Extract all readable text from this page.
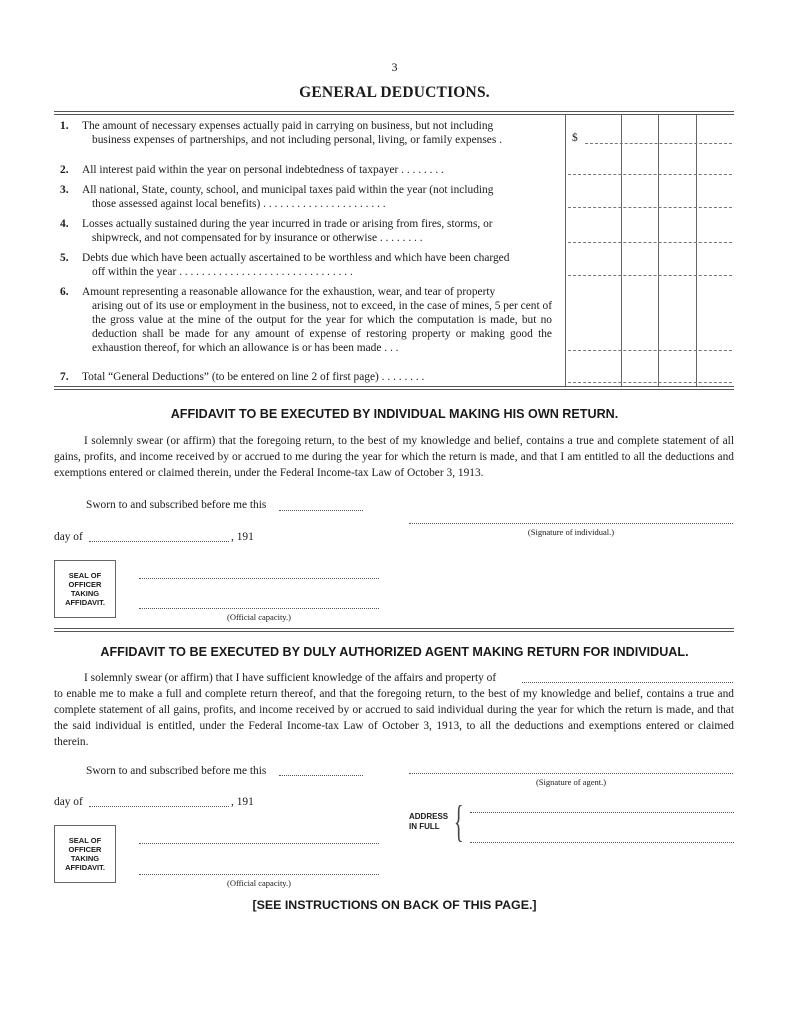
3
GENERAL DEDUCTIONS.
1. The amount of necessary expenses actually paid in carrying on business, but not including
business expenses of partnerships, and not including personal, living, or family expenses .	$
2. All interest paid within the year on personal indebtedness of taxpayer . . . . . . . .
3. All national, State, county, school, and municipal taxes paid within the year (not including
those assessed against local benefits) . . . . . . . . . . . . . . . . . . . . . .
4. Losses actually sustained during the year incurred in trade or arising from fires, storms, or
shipwreck, and not compensated for by insurance or otherwise . . . . . . . .
5. Debts due which have been actually ascertained to be worthless and which have been charged
off within the year . . . . . . . . . . . . . . . . . . . . . . . . . . . . . . .
6. Amount representing a reasonable allowance for the exhaustion, wear, and tear of property
arising out of its use or employment in the business, not to exceed, in the case of mines, 5 per cent of the gross value at the mine of the output for the year for which the computation is made, but no deduction shall be made for any amount of expense of restoring property or making good the exhaustion thereof, for which an allowance is or has been made . . .
7. Total “General Deductions” (to be entered on line 2 of first page) . . . . . . . .
AFFIDAVIT TO BE EXECUTED BY INDIVIDUAL MAKING HIS OWN RETURN.
I solemnly swear (or affirm) that the foregoing return, to the best of my knowledge and belief, contains a true and complete statement of all gains, profits, and income received by or accrued to me during the year for which the return is made, and that I am entitled to all the deductions and exemptions entered or claimed therein, under the Federal Income-tax Law of October 3, 1913.
Sworn to and subscribed before me this
(Signature of individual.)
day of	, 191
SEAL OF
OFFICER
TAKING
AFFIDAVIT.
(Official capacity.)
AFFIDAVIT TO BE EXECUTED BY DULY AUTHORIZED AGENT MAKING RETURN FOR INDIVIDUAL.
I solemnly swear (or affirm) that I have sufficient knowledge of the affairs and property of
to enable me to make a full and complete return thereof, and that the foregoing return, to the best of my knowledge and belief, contains a true and complete statement of all gains, profits, and income received by or accrued to said individual during the year for which the return is made, and that the said individual is entitled, under the Federal Income-tax Law of October 3, 1913, to all the deductions and exemptions entered or claimed therein.
Sworn to and subscribed before me this
(Signature of agent.)
day of	, 191
ADDRESS
IN FULL {
SEAL OF
OFFICER
TAKING
AFFIDAVIT.
(Official capacity.)
[SEE INSTRUCTIONS ON BACK OF THIS PAGE.]
